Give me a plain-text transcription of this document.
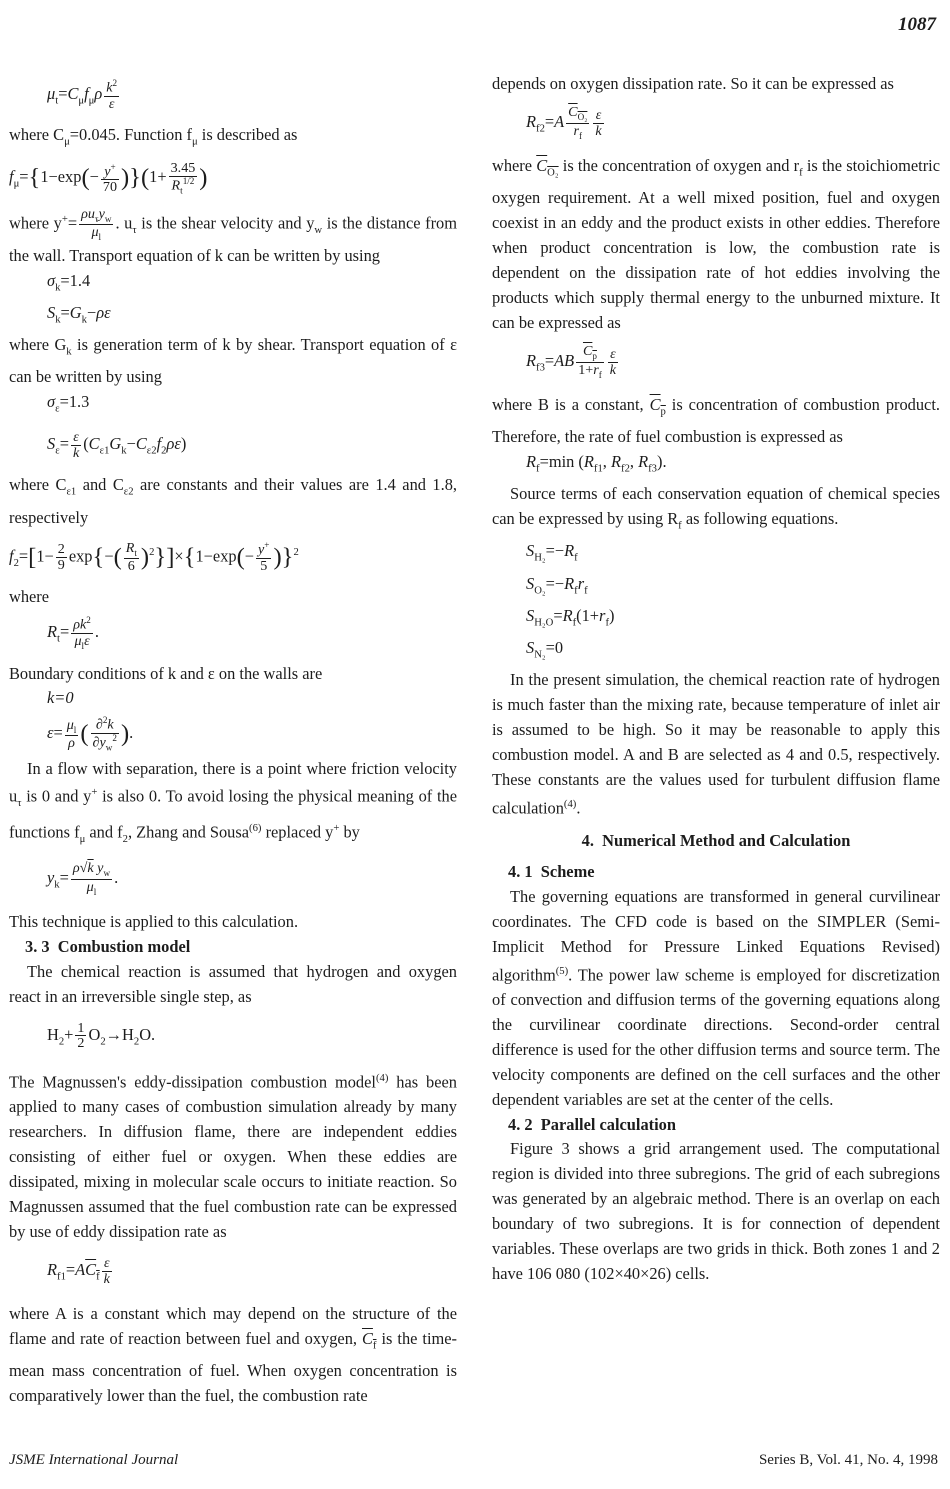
1087
$\mu_t=C_\mu f_\mu\rho \frac{k^2}{\varepsilon}$

where $C_\mu=0.045$. Function $f_\mu$ is described as

$f_\mu=\{1-\exp(- \frac{y^+}{70} )\}(1+ \frac{3.45}{R_t^{1/2}}$ )

where $y^+= \frac{\rho u_\tau y_w}{\mu_l}$ . $u_\tau$ is the shear velocity and $y_w$ is the distance from the wall. Transport equation of k can be written by using

$\sigma_k=1.4$
$S_k=G_k-\rho\varepsilon$

where $G_k$ is generation term of k by shear. Transport equation of ε can be written by using

$\sigma_\varepsilon=1.3$
$S_\varepsilon= \frac{\varepsilon}{k} (C_{\varepsilon 1}G_k-C_{\varepsilon 2}f_2\rho\varepsilon)$

where $C_{\varepsilon 1}$ and $C_{\varepsilon 2}$ are constants and their values are 1.4 and 1.8, respectively

$f_2=[1- \frac{2}{9} \exp\{-( \frac{R_t}{6} )^2\}]\times\{1-\exp(- \frac{y^+}{5} )\}^2$

where

$R_t= \frac{\rho k^2}{\mu_l\varepsilon}$ .

Boundary conditions of k and ε on the walls are

k=0
$\varepsilon= \frac{\mu_l}{\rho}$ ( $\frac{\partial^2k}{\partial y_w^2}$ ).

In a flow with separation, there is a point where friction velocity $u_\tau$ is 0 and y+ is also 0. To avoid losing the physical meaning of the functions $f_\mu$ and $f_2$, Zhang and Sousa$^{(6)}$ replaced y+ by

$y_k= \frac{\rho√k y_w}{\mu_l}$ .

This technique is applied to this calculation.

3. 3 Combustion model

The chemical reaction is assumed that hydrogen and oxygen react in an irreversible single step, as

$H_2+ \frac{1}{2} O_2\to H_2O$.

The Magnussen's eddy-dissipation combustion model$^{(4)}$ has been applied to many cases of combustion simulation already by many researchers. In diffusion flame, there are independent eddies consisting of either fuel or oxygen. When these eddies are dissipated, mixing in molecular scale occurs to initiate reaction. So Magnussen assumed that the fuel combustion rate can be expressed by use of eddy dissipation rate as

$R_{f1}=AC_f \frac{\varepsilon}{k}$

where A is a constant which may depend on the structure of the flame and rate of reaction between fuel and oxygen, $C_f$ is the time-mean mass concentration of fuel. When oxygen concentration is comparatively lower than the fuel, the combustion rate

depends on oxygen dissipation rate. So it can be expressed as

$R_{f2}=A \frac{C_{O_2}}{r_f} \frac{\varepsilon}{k}$

where $C_{O_2}$ is the concentration of oxygen and $r_f$ is the stoichiometric oxygen requirement. At a well mixed position, fuel and oxygen coexist in an eddy and the product exists in other eddies. Therefore when product concentration is low, the combustion rate is dependent on the dissipation rate of hot eddies involving the products which supply thermal energy to the unburned mixture. It can be expressed as

$R_{f3}=AB \frac{C_p}{1+r_f} \frac{\varepsilon}{k}$

where B is a constant, $C_p$ is concentration of combustion product. Therefore, the rate of fuel combustion is expressed as

$R_f=\min$ ($R_{f1}$, $R_{f2}$, $R_{f3}$).

Source terms of each conservation equation of chemical species can be expressed by using $R_f$ as following equations.

$S_{H_2}=-R_f$
$S_{O_2}=-R_fr_f$
$S_{H_2O}=R_f(1+r_f)$
$S_{N_2}=0$

In the present simulation, the chemical reaction rate of hydrogen is much faster than the mixing rate, because temperature of inlet air is assumed to be high. So it may be reasonable to apply this combustion model. A and B are selected as 4 and 0.5, respectively. These constants are the values used for turbulent diffusion flame calculation$^{(4)}$.

4. Numerical Method and Calculation

4. 1 Scheme

The governing equations are transformed in general curvilinear coordinates. The CFD code is based on the SIMPLER (Semi-Implicit Method for Pressure Linked Equations Revised) algorithm$^{(5)}$. The power law scheme is employed for discretization of convection and diffusion terms of the governing equations along the curvilinear coordinate directions. Second-order central difference is used for the other diffusion terms and source term. The velocity components are defined on the cell surfaces and the other dependent variables are set at the center of the cells.

4. 2 Parallel calculation

Figure 3 shows a grid arrangement used. The computational region is divided into three subregions. The grid of each subregions was generated by an algebraic method. There is an overlap on each boundary of two subregions. It is for connection of dependent variables. These overlaps are two grids in thick. Both zones 1 and 2 have 106 080 (102×40×26) cells.

JSME International Journal	Series B, Vol. 41, No. 4, 1998
